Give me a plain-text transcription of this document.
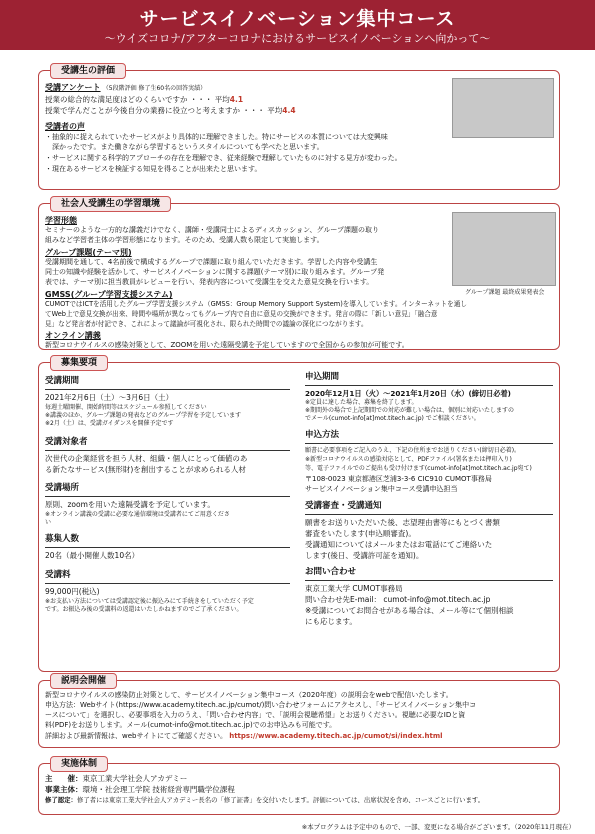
サービスイノベーション集中コース
〜ウイズコロナ/アフターコロナにおけるサービスイノベーションへ向かって〜
受講生の評価
受講アンケート （5段階評価 修了生60名の回答実績）
授業の総合的な満足度はどのくらいですか ・・・ 平均4.1
授業で学んだことが今後自分の業務に役立つと考えますか ・・・ 平均4.4
受講者の声
・抽象的に捉えられていたサービスがより具体的に理解できました。特にサービスの本質については大変興味
深かったです。また働きながら学習するというスタイルについても学べたと思います。
・サービスに関する科学的アプローチの存在を理解でき、従来経験で理解していたものに対する見方が変わった。
・現在あるサービスを検証する知見を得ることが出来たと思います。
社会人受講生の学習環境
学習形態
セミナーのような一方的な講義だけでなく、講師・受講同士によるディスカッション、グループ課題の取り
組みなど学習者主体の学習形態になります。そのため、受講人数も限定して実施します。
グループ課題(テーマ別)
受講期間を通して、4名前後で構成するグループで課題に取り組んでいただきます。学習した内容や受講生
同士の知識や経験を活かして、サービスイノベーションに関する課題(テーマ別)に取り組みます。グループ発
表では、テーマ別に担当教員がレビューを行い、発表内容について受講生を交えた意見交換を行います。
GMSS(グループ学習支援システム)
CUMOTではICTを活用したグループ学習支援システム（GMSS：Group Memory Support System)を導入しています。インターネットを通し
てWeb上で意見交換が出来、時間や場所が異なってもグループ内で自由に意見の交換ができます。発言の際に「新しい意見」「融合意
見」など発言者が付記でき、これによって議論が可視化され、限られた時間での議論の深化につながります。
オンライン講義
新型コロナウイルスの感染対策として、ZOOMを用いた遠隔受講を予定していますので全国からの参加が可能です。
グループ課題 最終成果発表会
募集要項
受講期間
2021年2月6日（土）〜3月6日（土）
毎週土曜開催、開始時間等はスケジュール参照してください
※講義のほか、グループ課題の発表などのグループ学習を予定しています
※2月（土）は、受講ガイダンスを開催予定です
受講対象者
次世代の企業経営を担う人材、組織・個人にとって価値のあ
る新たなサービス(無形財)を創出することが求められる人材
受講場所
原則、zoomを用いた遠隔受講を予定しています。
※オンライン講義の受講に必要な通信環境は受講者にてご用意くださ
い
募集人数
20名（最小開催人数10名）
受講料
99,000円(税込)
※お支払い方法については受講認定後に振込みにて手続きをしていただく予定
です。お振込み後の受講料の返還はいたしかねますのでご了承ください。
申込期間
2020年12月1日（火）〜2021年1月20日（水）(締切日必着)
※定員に達した場合、募集を終了します。
※期間外の場合で上記期間での対応が難しい場合は、個別に対応いたしますの
でメール(cumot-info[at]mot.titech.ac.jp) でご相談ください。
申込方法
願書に必要事項をご記入のうえ、下記の住所までお送りください(締切日必着)。
※新型コロナウイルスの感染対応として、PDFファイル(署名または押印入り)
等、電子ファイルでのご提出も受け付けます(cumot-info[at]mot.titech.ac.jp宛て)
〒108-0023 東京都港区芝浦3-3-6 CIC910 CUMOT事務局
サービスイノベーション集中コース受講申込担当
受講審査・受講通知
願書をお送りいただいた後、志望理由書等にもとづく書類
審査をいたします(申込順審査)。
受講通知についてはメールまたはお電話にてご連絡いた
します(後日、受講許可証を通知)。
お問い合わせ
東京工業大学 CUMOT事務局
問い合わせ先E-mail： cumot-info@mot.titech.ac.jp
※受講についてお問合せがある場合は、メール等にて個別相談
にも応じます。
説明会開催
新型コロナウイルスの感染防止対策として、サービスイノベーション集中コース（2020年度）の説明会をwebで配信いたします。
申込方法：Webサイト(https://www.academy.titech.ac.jp/cumot/)問い合わせフォームにアクセスし、「サービスイノベーション集中コ
ースについて」を選択し、必要事項を入力のうえ、「問い合わせ内容」で、「説明会視聴希望」とお送りください。視聴に必要なIDと資
料(PDF)をお送りします。メール(cumot-info@mot.titech.ac.jp)でのお申込みも可能です。
詳細および最新情報は、webサイトにてご確認ください。 https://www.academy.titech.ac.jp/cumot/si/index.html
実施体制
主　　催：東京工業大学社会人アカデミー
事業主体：環境・社会理工学院 技術経営専門職学位課程
修了認定：修了者には東京工業大学社会人アカデミー長名の「修了証書」を交付いたします。評価については、出席状況を含め、コースごとに行います。
※本プログラムは予定中のもので、一部、変更になる場合がございます。（2020年11月現在）
